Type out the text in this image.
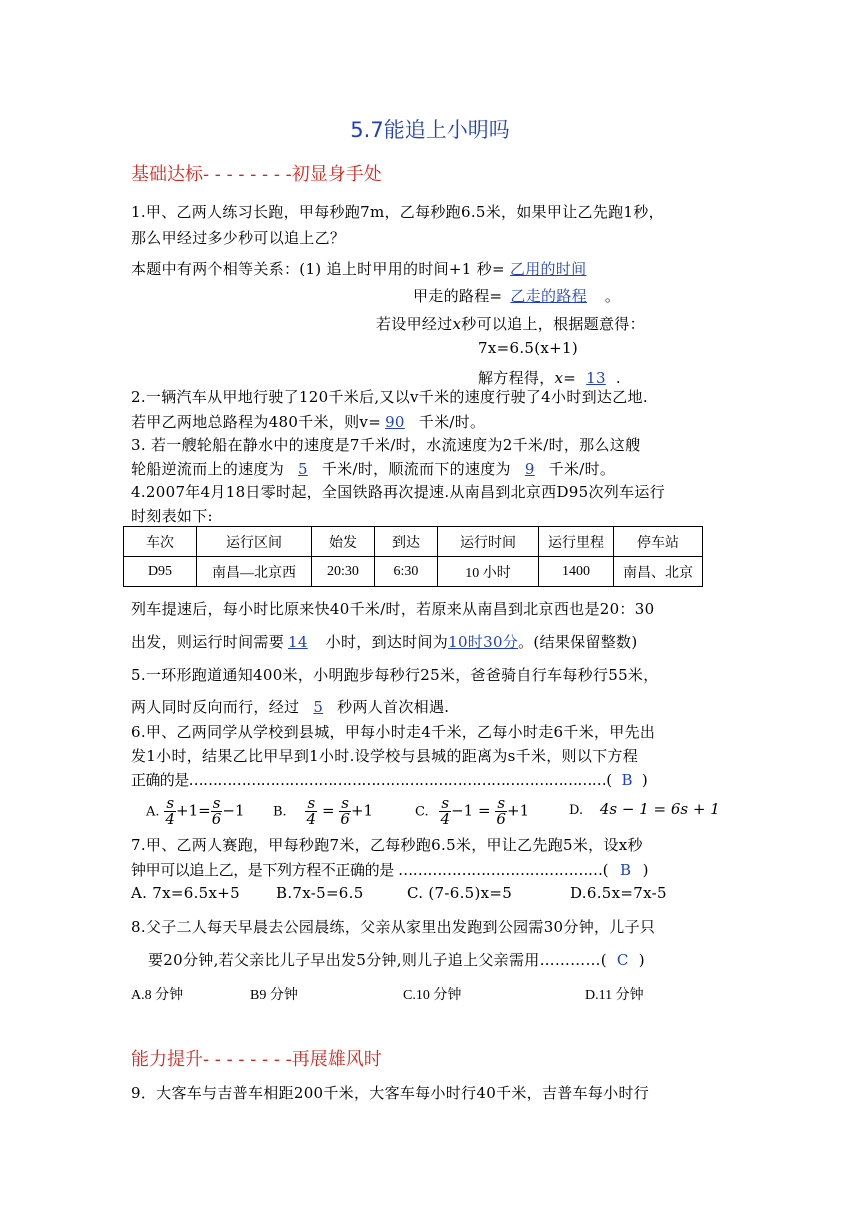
5.7能追上小明吗
基础达标- - - - - - - -初显身手处
1.甲、乙两人练习长跑，甲每秒跑7m，乙每秒跑6.5米，如果甲让乙先跑1秒，
那么甲经过多少秒可以追上乙？
本题中有两个相等关系：(1) 追上时甲用的时间+1 秒= 乙用的时间
甲走的路程= 乙走的路程 。
若设甲经过x秒可以追上，根据题意得：
7x=6.5(x+1)
解方程得，x= 13 .
2.一辆汽车从甲地行驶了120千米后,又以v千米的速度行驶了4小时到达乙地.
若甲乙两地总路程为480千米，则v= 90 千米/时。
3. 若一艘轮船在静水中的速度是7千米/时，水流速度为2千米/时，那么这艘
轮船逆流而上的速度为 5 千米/时，顺流而下的速度为 9 千米/时。
4.2007年4月18日零时起，全国铁路再次提速.从南昌到北京西D95次列车运行
时刻表如下:
车次	运行区间	始发	到达	运行时间	运行里程	停车站
D95	南昌—北京西	20:30	6:30	10 小时	1400	南昌、北京
列车提速后，每小时比原来快40千米/时，若原来从南昌到北京西也是20：30
出发，则运行时间需要 14 小时，到达时间为10时30分。(结果保留整数)
5.一环形跑道通知400米，小明跑步每秒行25米，爸爸骑自行车每秒行55米，
两人同时反向而行，经过 5 秒两人首次相遇.
6.甲、乙两同学从学校到县城，甲每小时走4千米，乙每小时走6千米，甲先出
发1小时，结果乙比甲早到1小时.设学校与县城的距离为s千米，则以下方程
正确的是……………………………………………………………………………( B )
A. $\frac{s}{4} +1= \frac{s}{6} -1$ B. $\frac{s}{4} = \frac{s}{6} +1$	C. $\frac{s}{4} -1 = \frac{s}{6} +1$	D. 4s − 1 = 6s + 1
7.甲、乙两人赛跑，甲每秒跑7米，乙每秒跑6.5米，甲让乙先跑5米，设x秒
钟甲可以追上乙，是下列方程不正确的是 ……………………………………( B )
A. 7x=6.5x+5 B.7x-5=6.5	C. (7-6.5)x=5	D.6.5x=7x-5
8.父子二人每天早晨去公园晨练，父亲从家里出发跑到公园需30分钟，儿子只
要20分钟,若父亲比儿子早出发5分钟,则儿子追上父亲需用…………( C )
A.8 分钟	B9 分钟	C.10 分钟	D.11 分钟
能力提升- - - - - - - -再展雄风时
9．大客车与吉普车相距200千米，大客车每小时行40千米，吉普车每小时行
